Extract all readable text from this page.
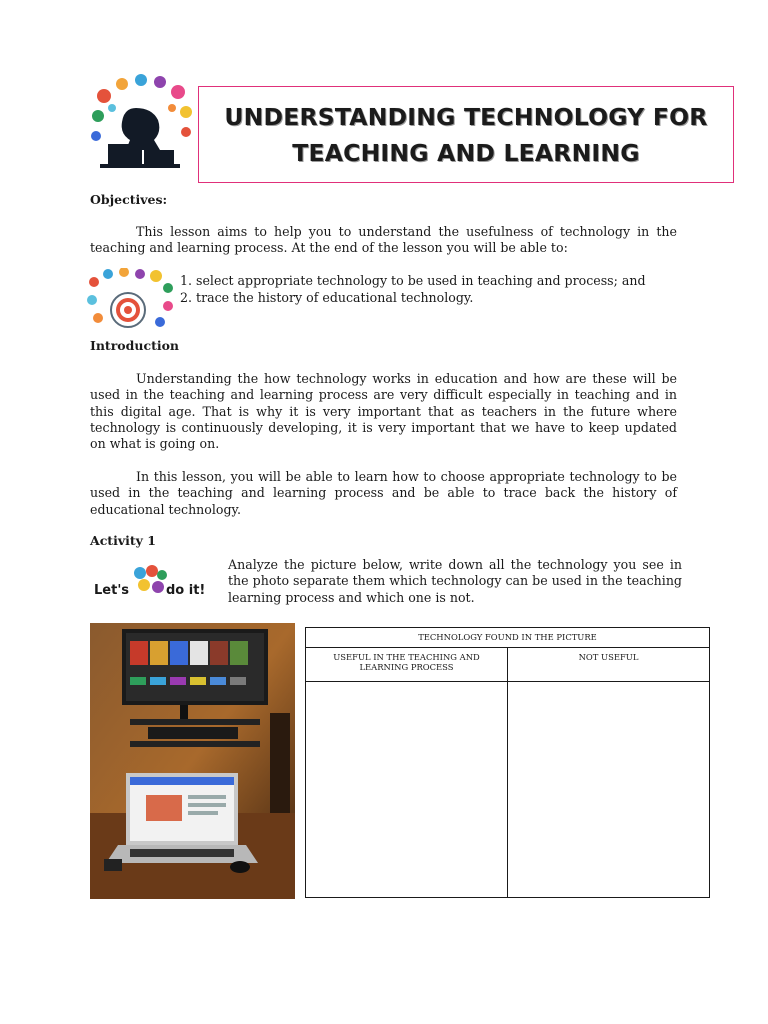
UNDERSTANDING TECHNOLOGY FOR
TEACHING AND LEARNING
Objectives:
This lesson aims to help you to understand the usefulness of technology in the teaching and learning process. At the end of the lesson you will be able to:
1. select appropriate technology to be used in teaching and process; and
2. trace the history of educational technology.
Introduction
Understanding the how technology works in education and how are these will be used in the teaching and learning process are very difficult especially in teaching and in this digital age. That is why it is very important that as teachers in the future where technology is continuously developing, it is very important that we have to keep updated on what is going on.
In this lesson, you will be able to learn how to choose appropriate technology to be used in the teaching and learning process and be able to trace back the history of educational technology.
Activity 1
Let's	do it!
Analyze the picture below, write down all the technology you see in the photo separate them which technology can be used in the teaching learning process and which one is not.
TECHNOLOGY FOUND IN THE PICTURE	
USEFUL IN THE TEACHING AND LEARNING PROCESS	NOT USEFUL
